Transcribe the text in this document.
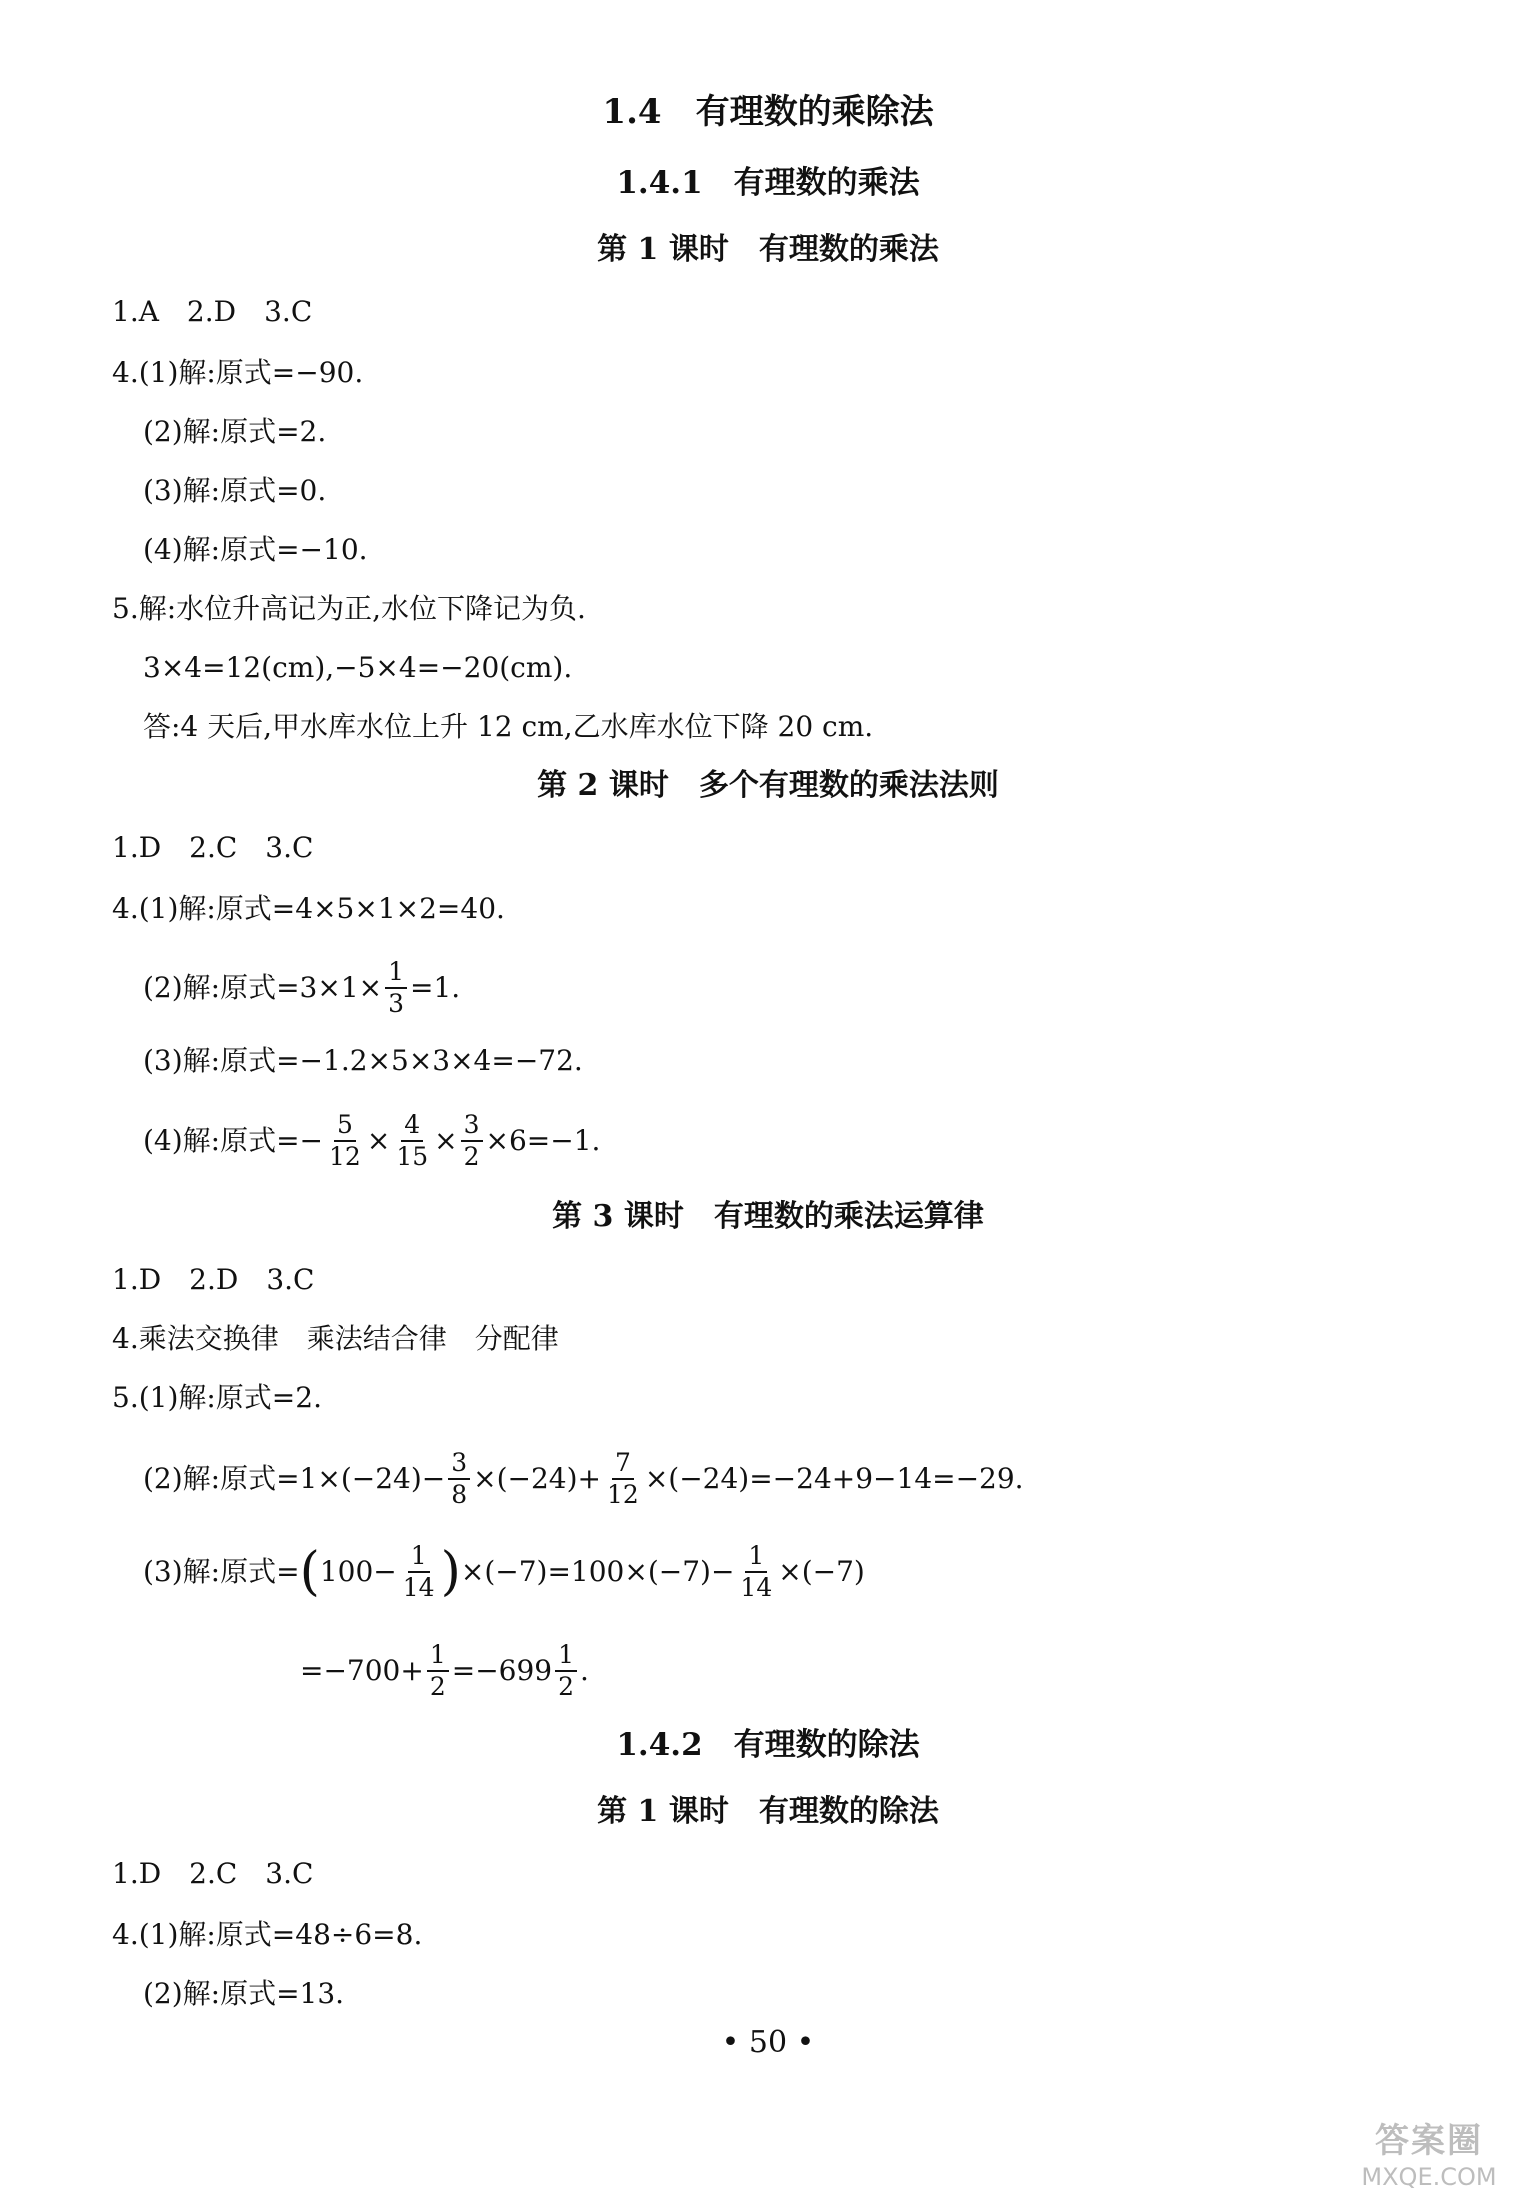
1.4　有理数的乘除法
1.4.1　有理数的乘法
第 1 课时　有理数的乘法
1.A　2.D　3.C
4.(1)解:原式=−90.
(2)解:原式=2.
(3)解:原式=0.
(4)解:原式=−10.
5.解:水位升高记为正,水位下降记为负.
3×4=12(cm),−5×4=−20(cm).
答:4 天后,甲水库水位上升 12 cm,乙水库水位下降 20 cm.
第 2 课时　多个有理数的乘法法则
1.D　2.C　3.C
4.(1)解:原式=4×5×1×2=40.
(2)解:原式$=3\times 1\times \frac{1}{3} =1$.
(3)解:原式=−1.2×5×3×4=−72.
(4)解:原式=− $\frac{5}{12} \times \frac{4}{15} \times \frac{3}{2} \times 6=-1$.
第 3 课时　有理数的乘法运算律
1.D　2.D　3.C
4.乘法交换律　乘法结合律　分配律
5.(1)解:原式=2.
(2)解:原式$=1\times(-24)- \frac{3}{8} \times(-24)+ \frac{7}{12} \times(-24)=-24+9-14=-29$.
(3)解:原式= ( $100- \frac{1}{14}$ ) $\times(-7)=100\times(-7)- \frac{1}{14} \times(-7)$
$=-700+ \frac{1}{2} =-699 \frac{1}{2}$ .
1.4.2　有理数的除法
第 1 课时　有理数的除法
1.D　2.C　3.C
4.(1)解:原式=48÷6=8.
(2)解:原式=13.
• 50 •
答案圈
MXQE.COM
